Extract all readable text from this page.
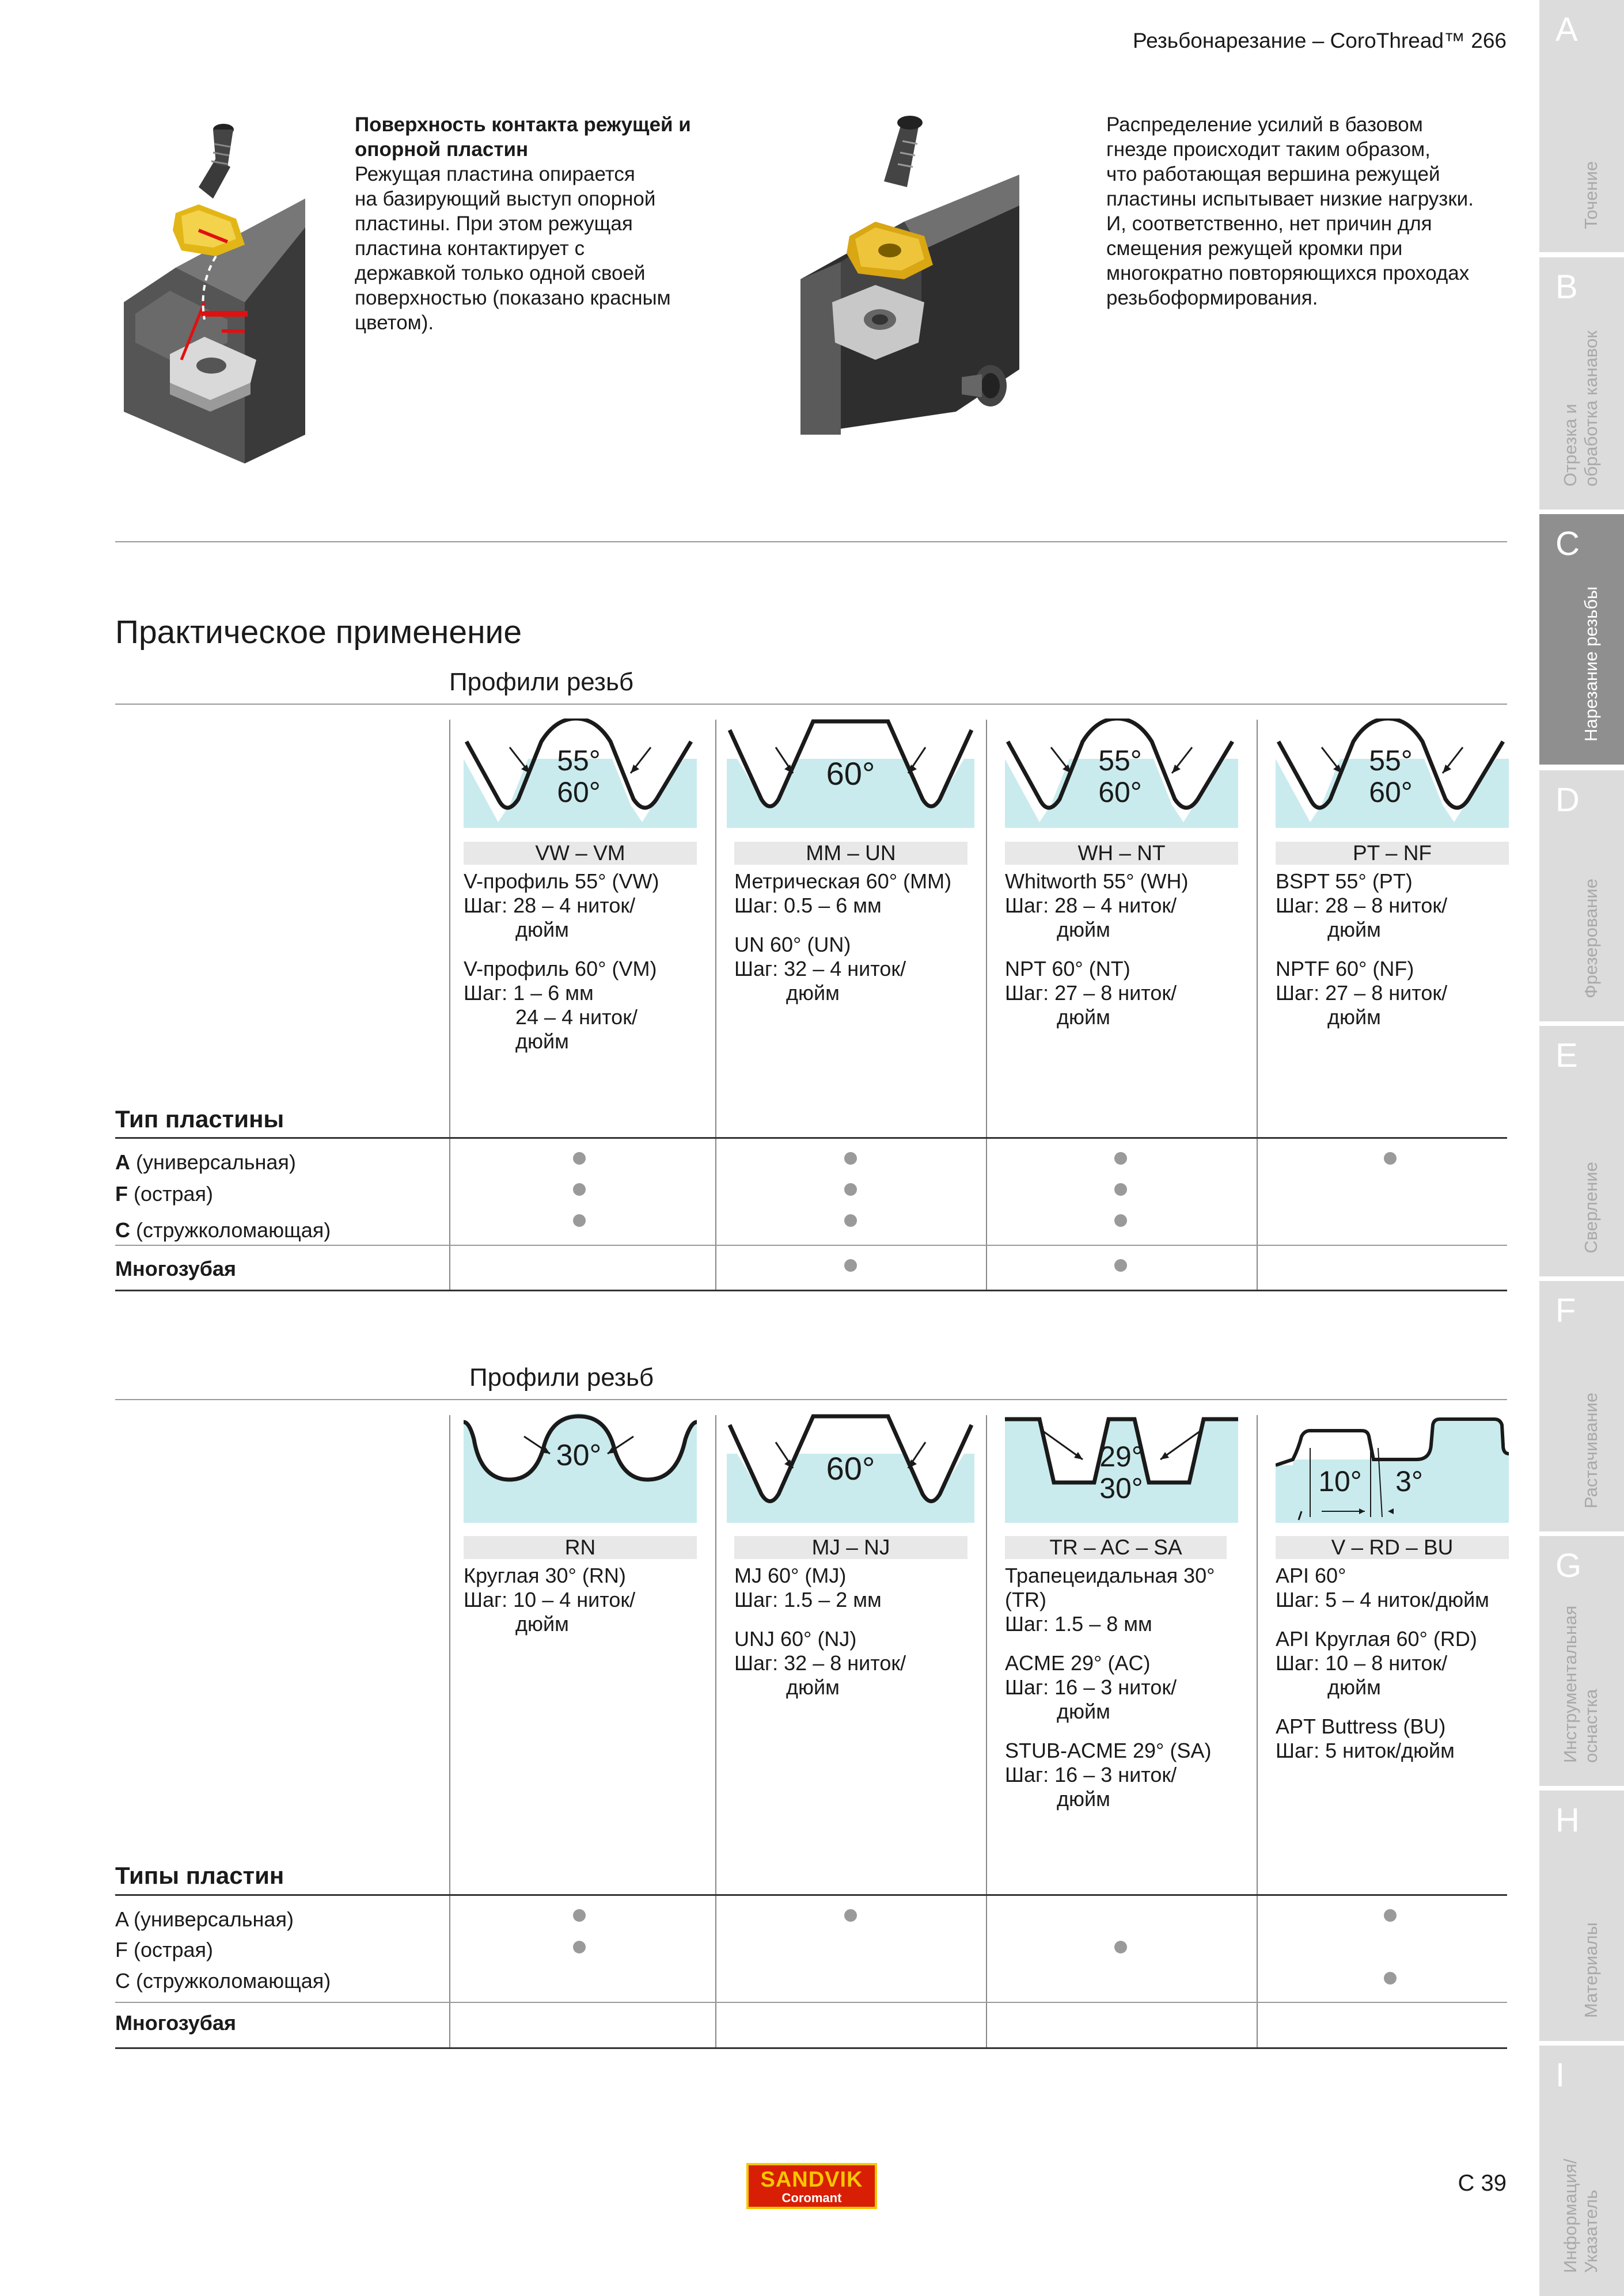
Резьбонарезание – CoroThread™ 266
Поверхность контакта режущей и
опорной пластин
Режущая пластина опирается
на базирующий выступ опорной
пластины. При этом режущая
пластина контактирует с
державкой только одной своей
поверхностью (показано красным
цветом).
Распределение усилий в базовом
гнезде происходит таким образом,
что работающая вершина режущей
пластины испытывает низкие нагрузки.
И, соответственно, нет причин для
смещения режущей кромки при
многократно повторяющихся проходах
резьбоформирования.
Практическое применение
Профили резьб
55°
60°
VW – VM
V-профиль 55° (VW)
Шаг: 28 – 4 ниток/
дюйм
V-профиль 60° (VM)
Шаг: 1 – 6 мм
24 – 4 ниток/
дюйм
60°
MM – UN
Метрическая 60° (MM)
Шаг: 0.5 – 6 мм
UN 60° (UN)
Шаг: 32 – 4 ниток/
дюйм
55°
60°
WH – NT
Whitworth 55° (WH)
Шаг: 28 – 4 ниток/
дюйм
NPT 60° (NT)
Шаг: 27 – 8 ниток/
дюйм
55°
60°
PT – NF
BSPT 55° (PT)
Шаг: 28 – 8 ниток/
дюйм
NPTF 60° (NF)
Шаг: 27 – 8 ниток/
дюйм
Тип пластины
A (универсальная)
F (острая)
C (стружколомающая)
Многозубая
Профили резьб
30°
RN
Круглая 30° (RN)
Шаг: 10 – 4 ниток/
дюйм
60°
MJ – NJ
MJ 60° (MJ)
Шаг: 1.5 – 2 мм
UNJ 60° (NJ)
Шаг: 32 – 8 ниток/
дюйм
29°
30°
TR – AC – SA
Трапецеидальная 30°
(TR)
Шаг: 1.5 – 8 мм
ACME 29° (AC)
Шаг: 16 – 3 ниток/
дюйм
STUB-ACME 29° (SA)
Шаг: 16 – 3 ниток/
дюйм
10° 3°
V – RD – BU
API 60°
Шаг: 5 – 4 ниток/дюйм
API Круглая 60° (RD)
Шаг: 10 – 8 ниток/
дюйм
APT Buttress (BU)
Шаг: 5 ниток/дюйм
Типы пластин
A (универсальная)
F (острая)
C (стружколомающая)
Многозубая
A
Точение
B
Отрезка и
обработка канавок
C
Нарезание резьбы
D
Фрезерование
E
Сверление
F
Растачивание
G
Инструментальная
оснастка
H
Материалы
I
Информация/
Указатель
SANDVIK
Coromant
C 39
